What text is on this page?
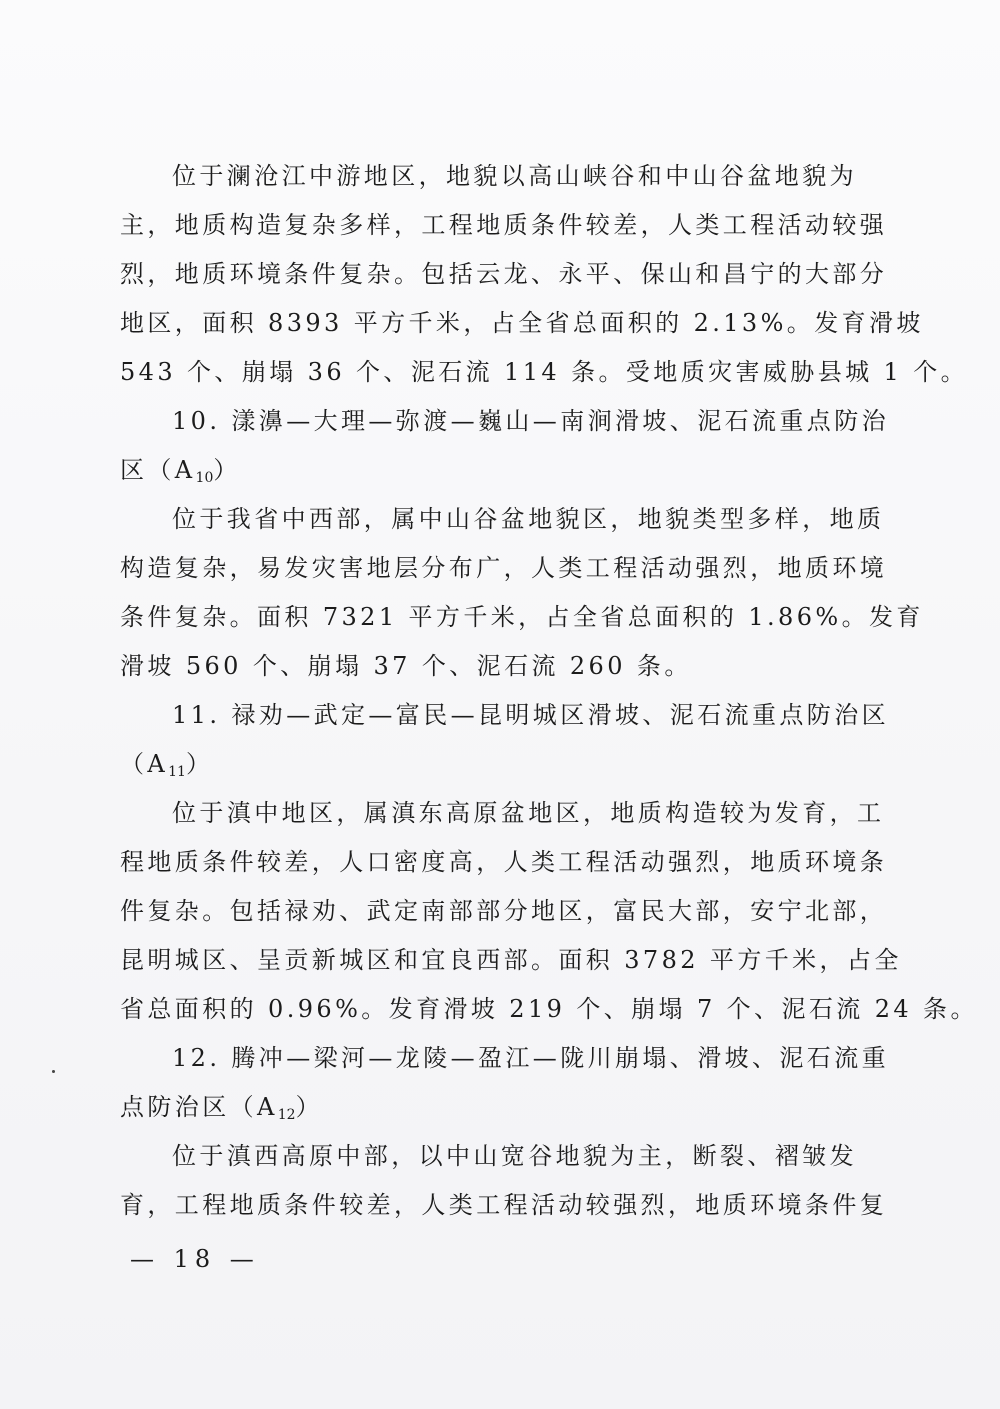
位于澜沧江中游地区，地貌以高山峡谷和中山谷盆地貌为
主，地质构造复杂多样，工程地质条件较差，人类工程活动较强
烈，地质环境条件复杂。包括云龙、永平、保山和昌宁的大部分
地区，面积 8393 平方千米，占全省总面积的 2.13%。发育滑坡
543 个、崩塌 36 个、泥石流 114 条。受地质灾害威胁县城 1 个。
10. 漾濞—大理—弥渡—巍山—南涧滑坡、泥石流重点防治
区$(A_{10})$
位于我省中西部，属中山谷盆地貌区，地貌类型多样，地质
构造复杂，易发灾害地层分布广，人类工程活动强烈，地质环境
条件复杂。面积 7321 平方千米，占全省总面积的 1.86%。发育
滑坡 560 个、崩塌 37 个、泥石流 260 条。
11. 禄劝—武定—富民—昆明城区滑坡、泥石流重点防治区
$(A_{11})$
位于滇中地区，属滇东高原盆地区，地质构造较为发育，工
程地质条件较差，人口密度高，人类工程活动强烈，地质环境条
件复杂。包括禄劝、武定南部部分地区，富民大部，安宁北部，
昆明城区、呈贡新城区和宜良西部。面积 3782 平方千米，占全
省总面积的 0.96%。发育滑坡 219 个、崩塌 7 个、泥石流 24 条。
12. 腾冲—梁河—龙陵—盈江—陇川崩塌、滑坡、泥石流重
点防治区$(A_{12})$
位于滇西高原中部，以中山宽谷地貌为主，断裂、褶皱发
育，工程地质条件较差，人类工程活动较强烈，地质环境条件复
— 18 —
